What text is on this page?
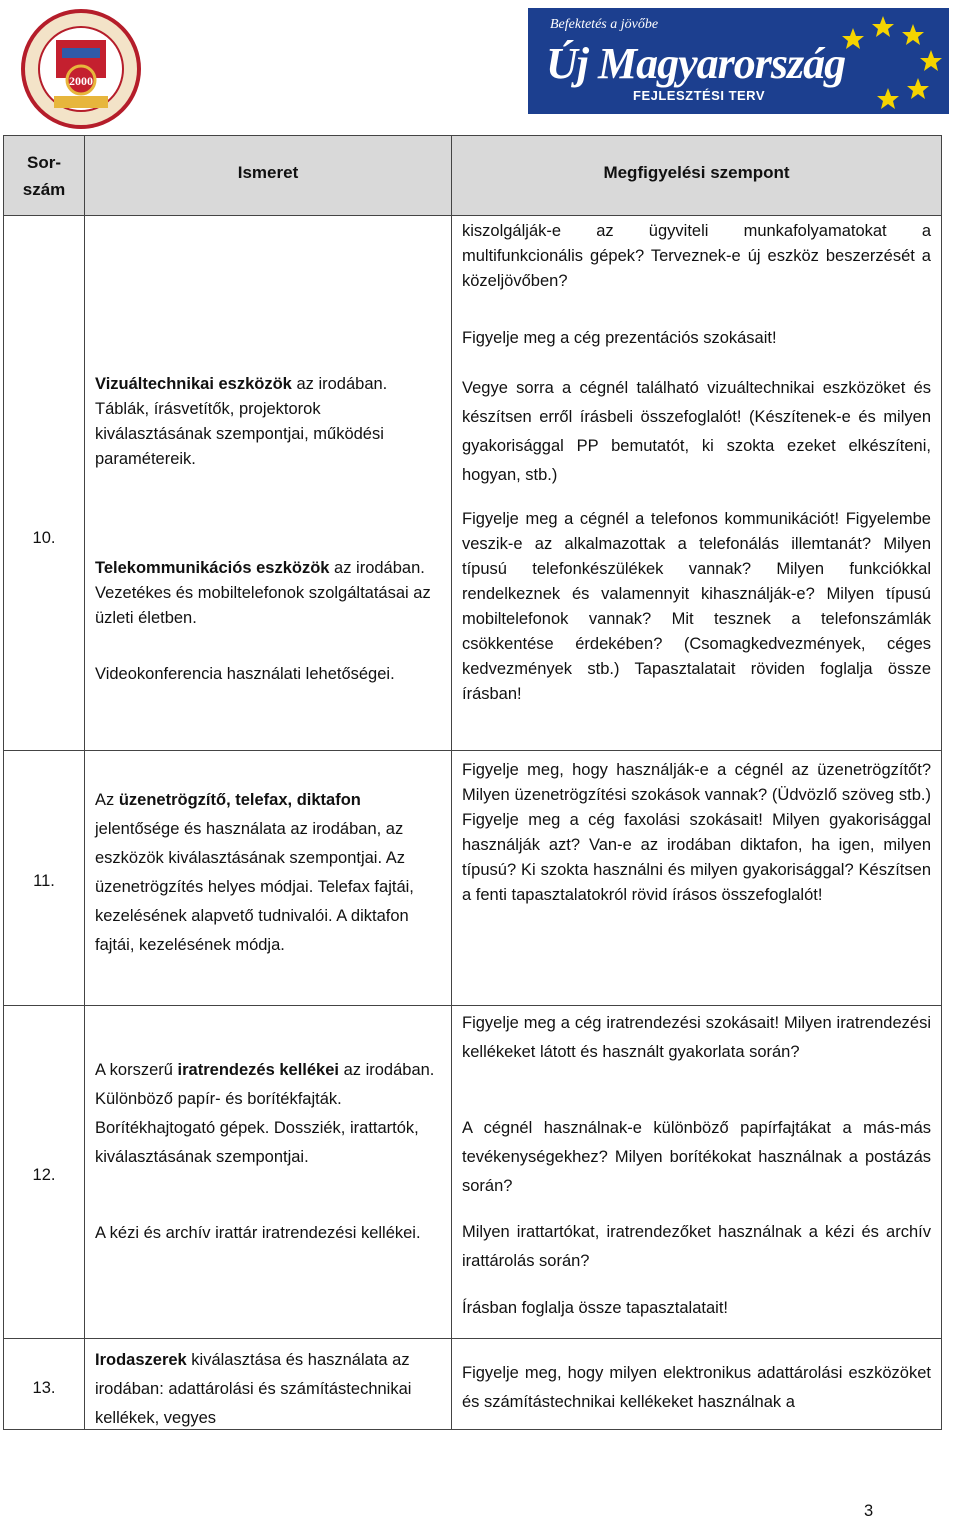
2000
Befektetés a jövőbe
Új Magyarország
FEJLESZTÉSI TERV
Sor-
szám
Ismeret	Megfigyelési szempont
kiszolgálják-e az ügyviteli munkafolyamatokat a multifunkcionális gépek? Terveznek-e új eszköz beszerzését a közeljövőben?
10.
Vizuáltechnikai eszközök az irodában. Táblák, írásvetítők, projektorok kiválasztásának szempontjai, működési paramétereik.
Telekommunikációs eszközök az irodában. Vezetékes és mobiltelefonok szolgáltatásai az üzleti életben.
Videokonferencia használati lehetőségei.
Figyelje meg a cég prezentációs szokásait!
Vegye sorra a cégnél található vizuáltechnikai eszközöket és készítsen erről írásbeli összefoglalót! (Készítenek-e és milyen gyakorisággal PP bemutatót, ki szokta ezeket elkészíteni, hogyan, stb.)
Figyelje meg a cégnél a telefonos kommunikációt! Figyelembe veszik-e az alkalmazottak a telefonálás illemtanát? Milyen típusú telefonkészülékek vannak? Milyen funkciókkal rendelkeznek és valamennyit kihasználják-e? Milyen típusú mobiltelefonok vannak? Mit tesznek a telefonszámlák csökkentése érdekében? (Csomagkedvezmények, céges kedvezmények stb.) Tapasztalatait röviden foglalja össze írásban!
11.
Az üzenetrögzítő, telefax, diktafon jelentősége és használata az irodában, az eszközök kiválasztásának szempontjai. Az üzenetrögzítés helyes módjai. Telefax fajtái, kezelésének alapvető tudnivalói. A diktafon fajtái, kezelésének módja.
Figyelje meg, hogy használják-e a cégnél az üzenetrögzítőt? Milyen üzenetrögzítési szokások vannak? (Üdvözlő szöveg stb.) Figyelje meg a cég faxolási szokásait! Milyen gyakorisággal használják azt? Van-e az irodában diktafon, ha igen, milyen típusú? Ki szokta használni és milyen gyakorisággal? Készítsen a fenti tapasztalatokról rövid írásos összefoglalót!
12.
A korszerű iratrendezés kellékei az irodában. Különböző papír- és borítékfajták. Borítékhajtogató gépek. Dossziék, irattartók, kiválasztásának szempontjai.
A kézi és archív irattár iratrendezési kellékei.
Figyelje meg a cég iratrendezési szokásait! Milyen iratrendezési kellékeket látott és használt gyakorlata során?
A cégnél használnak-e különböző papírfajtákat a más-más tevékenységekhez? Milyen borítékokat használnak a postázás során?
Milyen irattartókat, iratrendezőket használnak a kézi és archív irattárolás során?
Írásban foglalja össze tapasztalatait!
13.
Irodaszerek kiválasztása és használata az irodában: adattárolási és számítástechnikai kellékek, vegyes
Figyelje meg, hogy milyen elektronikus adattárolási eszközöket és számítástechnikai kellékeket használnak a
3
